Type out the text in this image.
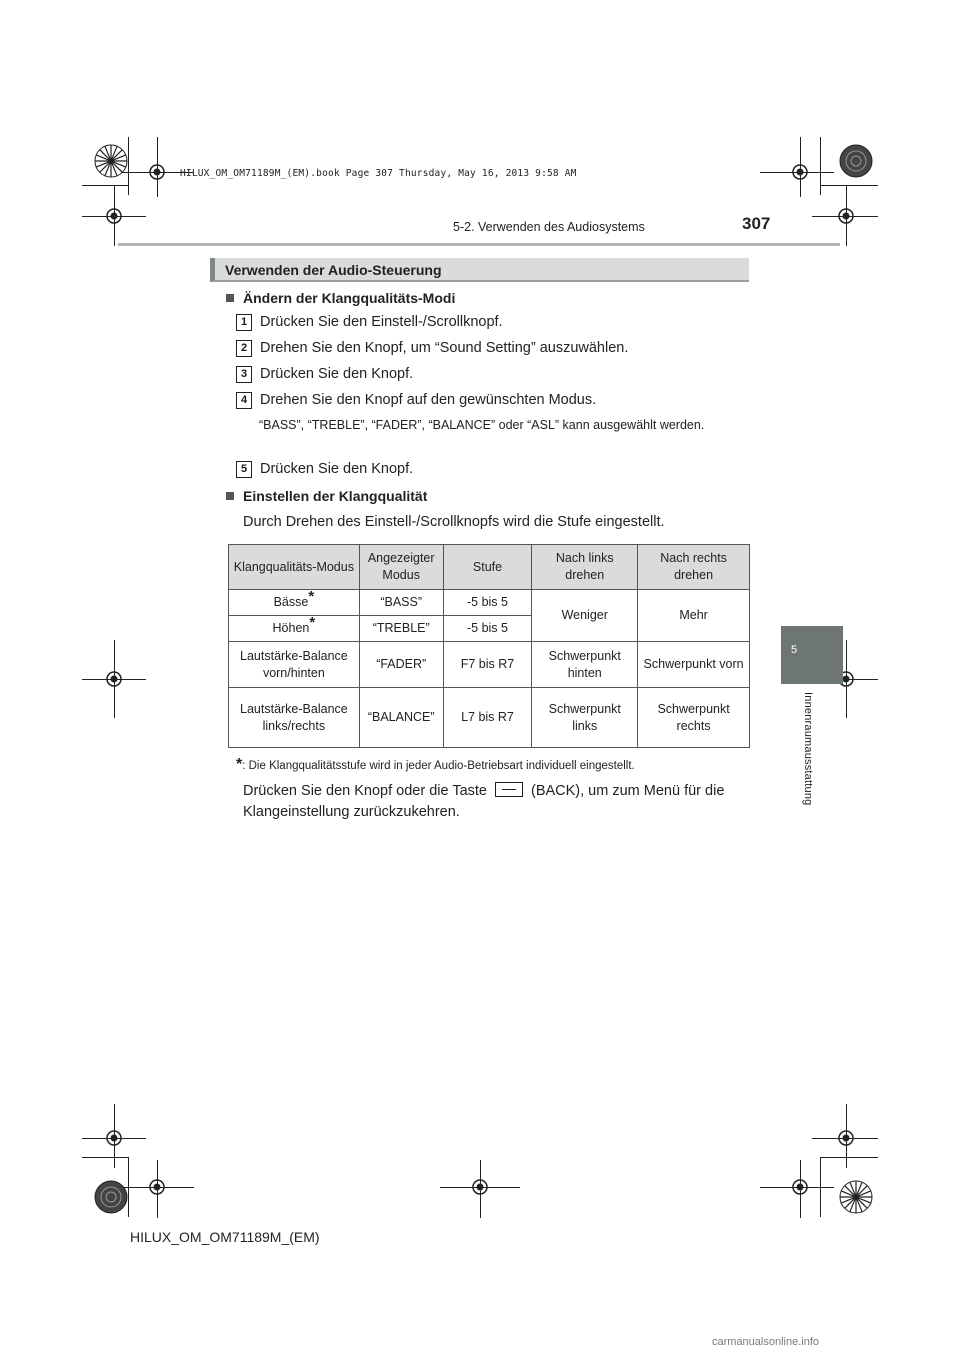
HILUX_OM_OM71189M_(EM).book Page 307 Thursday, May 16, 2013 9:58 AM
5-2. Verwenden des Audiosystems	307
5
Innenraumausstattung
Verwenden der Audio-Steuerung
Ändern der Klangqualitäts-Modi
1 Drücken Sie den Einstell-/Scrollknopf.
2 Drehen Sie den Knopf, um “Sound Setting” auszuwählen.
3 Drücken Sie den Knopf.
4 Drehen Sie den Knopf auf den gewünschten Modus.
“BASS”, “TREBLE”, “FADER”, “BALANCE” oder “ASL” kann ausgewählt werden.
5 Drücken Sie den Knopf.
Einstellen der Klangqualität
Durch Drehen des Einstell-/Scrollknopfs wird die Stufe eingestellt.
Klangqualitäts-Modus	Angezeigter Modus	Stufe	Nach links drehen	Nach rechts drehen
Bässe*	“BASS”	-5 bis 5	Weniger	Mehr
Höhen*	“TREBLE”	-5 bis 5		
Lautstärke-Balance vorn/hinten	“FADER”	F7 bis R7	Schwerpunkt hinten	Schwerpunkt vorn
Lautstärke-Balance links/rechts	“BALANCE”	L7 bis R7	Schwerpunkt links	Schwerpunkt rechts
*: Die Klangqualitätsstufe wird in jeder Audio-Betriebsart individuell eingestellt.
Drücken Sie den Knopf oder die Taste	(BACK), um zum Menü für die
Klangeinstellung zurückzukehren.
HILUX_OM_OM71189M_(EM)
carmanualsonline.info
